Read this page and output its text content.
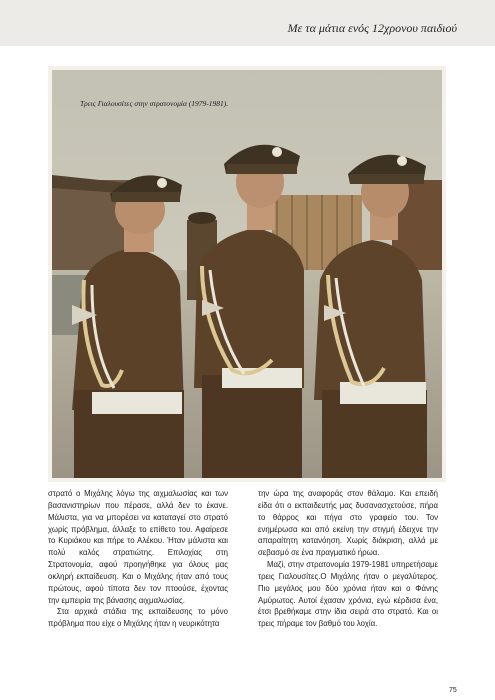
Με τα μάτια ενός 12χρονου παιδιού
Τρεις Γιαλουσίτες στην στρατονομία (1979-1981).

στρατό ο Μιχάλης λόγω της αιχμαλωσίας και των βασανιστηρίων που πέρασε, αλλά δεν το έκανε. Μάλιστα, για να μπορέσει να καταταγεί στο στρατό χωρίς πρόβλημα, άλλαξε το επίθετο του. Αφαίρεσε το Κυριάκου και πήρε το Αλέκου. Ήταν μάλιστα και πολύ καλός στρατιώτης. Επιλοχίας στη Στρατονομία, αφού προηγήθηκε για όλους μας οκληρή εκπαίδευση. Και ο Μιχάλης ήταν από τους πρώτους, αφού τίποτα δεν τον πτοούσε, έχοντας την εμπειρία της βάνασης αιχμαλωσίας.

Στα αρχικά στάδια της εκπαίδευσης το μόνο πρόβλημα που είχε ο Μιχάλης ήταν η νευρικότητα

την ώρα της αναφοράς στον θάλαμο. Και επειδή είδα ότι ο εκπαιδευτής μας δυσανασχετούσε, πήρα το θάρρος και πήγα στο γραφείο του. Τον ενημέρωσα και από εκείνη την στιγμή έδειχνε την απαραίτητη κατανόηση. Χωρίς διάκριση, αλλά με σεβασμό σε ένα πραγματικό ήρωα.

Μαζί, στην στρατονομία 1979-1981 υπηρετήσαμε τρεις Γιαλουσίτες.Ο Μιχάλης ήταν ο μεγαλύτερος. Πιο μεγάλος μου δύο χρόνια ήταν και ο Φάνης Αμύρωτος. Αυτοί έχασαν χρόνια, εγώ κέρδισα ένα, έτσι βρεθήκαμε στην ίδια σειρά στο στρατό. Και οι τρεις πήραμε τον βαθμό του λοχία.

75
